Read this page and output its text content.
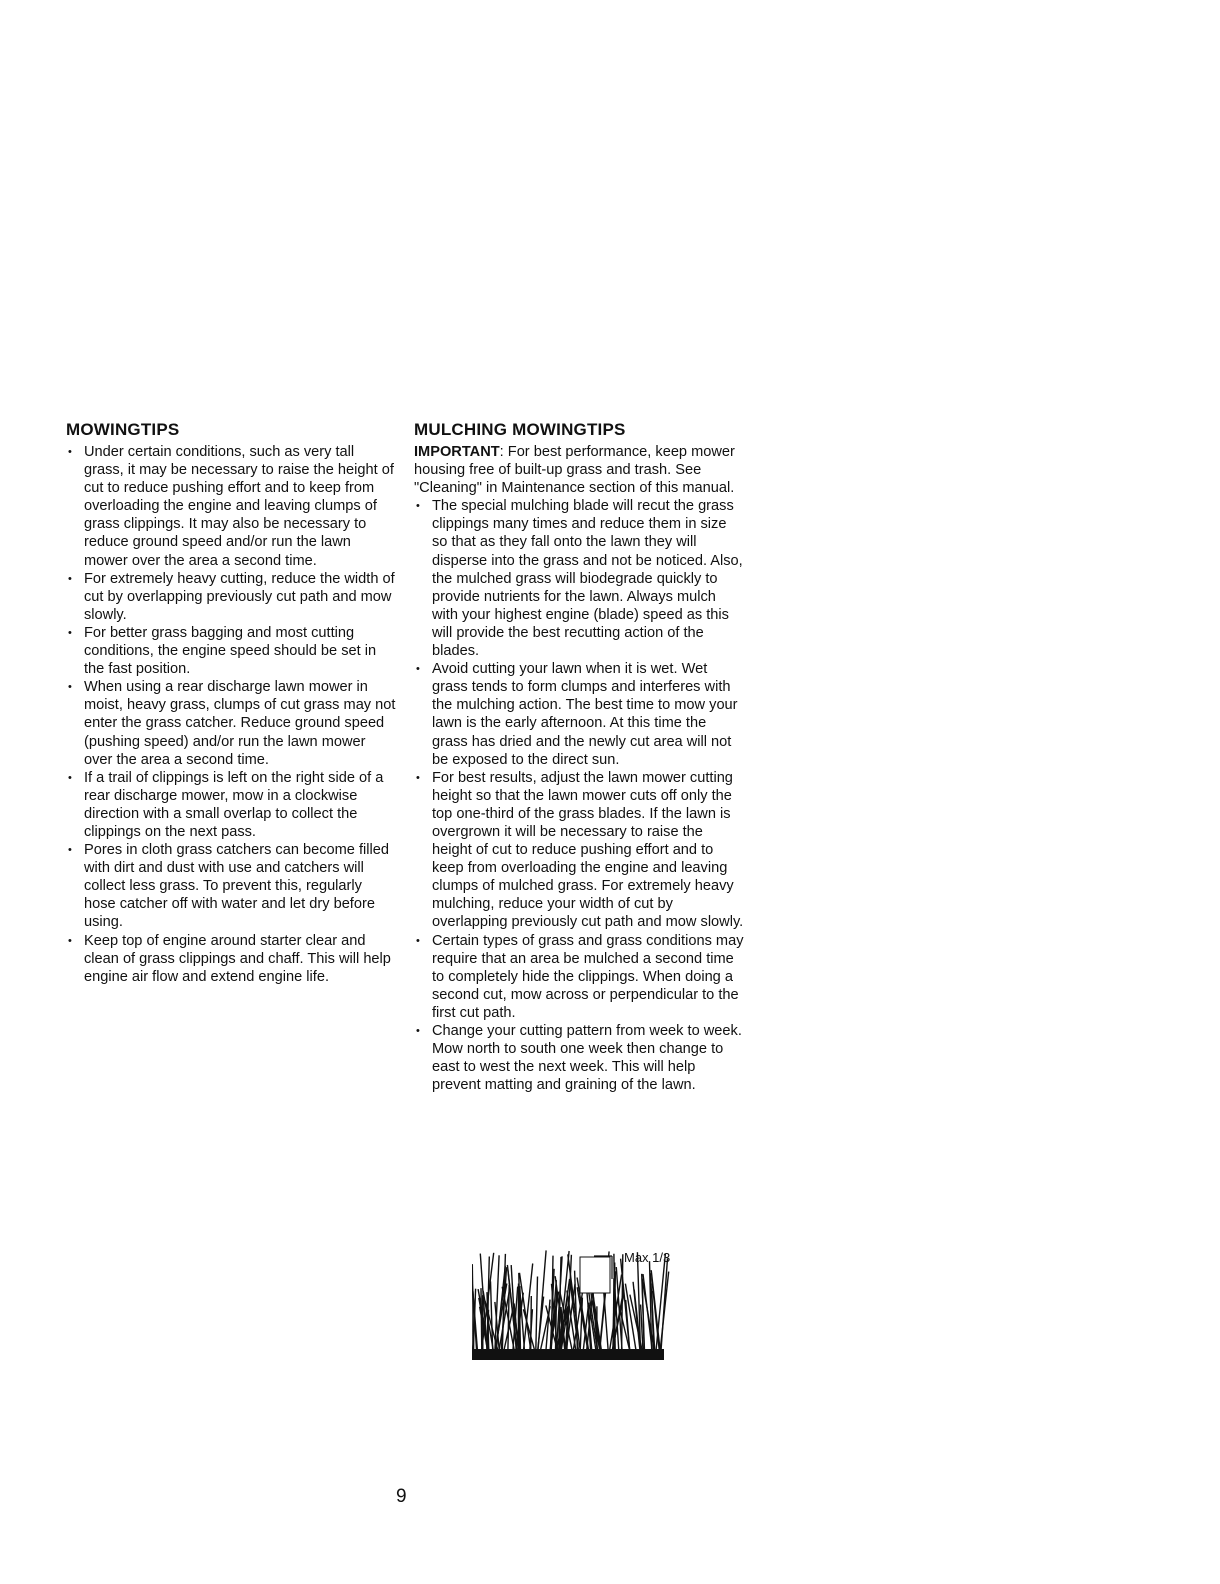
MOWINGTIPS
• Under certain conditions, such as very tall grass, it may be necessary to raise the height of cut to reduce pushing effort and to keep from overloading the engine and leaving clumps of grass clippings. It may also be necessary to reduce ground speed and/or run the lawn mower over the area a second time.
• For extremely heavy cutting, reduce the width of cut by overlapping previously cut path and mow slowly.
• For better grass bagging and most cutting conditions, the engine speed should be set in the fast position.
• When using a rear discharge lawn mower in moist, heavy grass, clumps of cut grass may not enter the grass catcher. Reduce ground speed (pushing speed) and/or run the lawn mower over the area a second time.
• If a trail of clippings is left on the right side of a rear discharge mower, mow in a clockwise direction with a small overlap to collect the clippings on the next pass.
• Pores in cloth grass catchers can become filled with dirt and dust with use and catchers will collect less grass. To prevent this, regularly hose catcher off with water and let dry before using.
• Keep top of engine around starter clear and clean of grass clippings and chaff. This will help engine air flow and extend engine life.
MULCHING MOWINGTIPS

IMPORTANT: For best performance, keep mower housing free of built-up grass and trash. See "Cleaning" in Maintenance section of this manual.

• The special mulching blade will recut the grass clippings many times and reduce them in size so that as they fall onto the lawn they will disperse into the grass and not be noticed. Also, the mulched grass will biodegrade quickly to provide nutrients for the lawn. Always mulch with your highest engine (blade) speed as this will provide the best recutting action of the blades.
• Avoid cutting your lawn when it is wet. Wet grass tends to form clumps and interferes with the mulching action. The best time to mow your lawn is the early afternoon. At this time the grass has dried and the newly cut area will not be exposed to the direct sun.
• For best results, adjust the lawn mower cutting height so that the lawn mower cuts off only the top one-third of the grass blades. If the lawn is overgrown it will be necessary to raise the height of cut to reduce pushing effort and to keep from overloading the engine and leaving clumps of mulched grass. For extremely heavy mulching, reduce your width of cut by overlapping previously cut path and mow slowly.
• Certain types of grass and grass conditions may require that an area be mulched a second time to completely hide the clippings. When doing a second cut, mow across or perpendicular to the first cut path.
• Change your cutting pattern from week to week. Mow north to south one week then change to east to west the next week. This will help prevent matting and graining of the lawn.
Max 1/3
9
